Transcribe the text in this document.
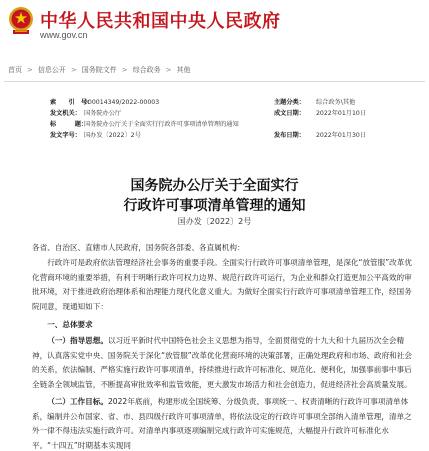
中华人民共和国中央人民政府
www.gov.cn
首页 > 信息公开 > 国务院文件 > 综合政务 > 其他
索　　引　号：
000014349/2022-00003	主题分类：	综合政务\其他
发文机关： 国务院办公厅	成文日期：	2022年01月10日
标　　　题：
国务院办公厅关于全面实行行政许可事项清单管理的通知
发文字号： 国办发〔2022〕2号	发布日期：	2022年01月30日
国务院办公厅关于全面实行
行政许可事项清单管理的通知
国办发〔2022〕2号
各省、自治区、直辖市人民政府，国务院各部委、各直属机构：
行政许可是政府依法管理经济社会事务的重要手段。全面实行行政许可事项清单管理，是深化“放管服”改革优化营商环境的重要举措，有利于明晰行政许可权力边界、规范行政许可运行，为企业和群众打造更加公平高效的审批环境，对于推进政府治理体系和治理能力现代化意义重大。为做好全面实行行政许可事项清单管理工作，经国务院同意，现通知如下：
一、总体要求
（一）指导思想。以习近平新时代中国特色社会主义思想为指导，全面贯彻党的十九大和十九届历次全会精神，认真落实党中央、国务院关于深化“放管服”改革优化营商环境的决策部署，正确处理政府和市场、政府和社会的关系，依法编制、严格实施行政许可事项清单，持续推进行政许可标准化、规范化、便利化，加强事前事中事后全链条全领域监管，不断提高审批效率和监管效能，更大激发市场活力和社会创造力，促进经济社会高质量发展。
（二）工作目标。2022年底前，构建形成全国统筹、分级负责、事项统一、权责清晰的行政许可事项清单体系，编制并公布国家、省、市、县四级行政许可事项清单，将依法设定的行政许可事项全部纳入清单管理，清单之外一律不得违法实施行政许可。对清单内事项逐项编制完成行政许可实施规范，大幅提升行政许可标准化水平。“十四五”时期基本实现同
